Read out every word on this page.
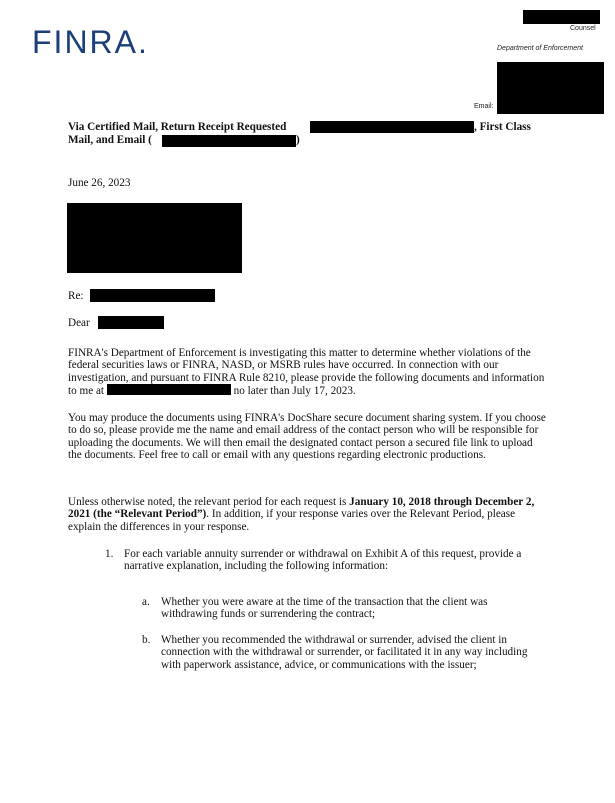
FINRA.	Counsel
Department of Enforcement
Email:
Via Certified Mail, Return Receipt Requested	, First Class
Mail, and Email (	)
June 26, 2023
Re:
Dear

FINRA's Department of Enforcement is investigating this matter to determine whether violations of the federal securities laws or FINRA, NASD, or MSRB rules have occurred. In connection with our investigation, and pursuant to FINRA Rule 8210, please provide the following documents and information to me at	no later than July 17, 2023.

You may produce the documents using FINRA's DocShare secure document sharing system. If you choose to do so, please provide me the name and email address of the contact person who will be responsible for uploading the documents. We will then email the designated contact person a secured file link to upload the documents. Feel free to call or email with any questions regarding electronic productions.

Unless otherwise noted, the relevant period for each request is January 10, 2018 through December 2, 2021 (the “Relevant Period”). In addition, if your response varies over the Relevant Period, please explain the differences in your response.

1. For each variable annuity surrender or withdrawal on Exhibit A of this request, provide a narrative explanation, including the following information:

a. Whether you were aware at the time of the transaction that the client was withdrawing funds or surrendering the contract;

b. Whether you recommended the withdrawal or surrender, advised the client in connection with the withdrawal or surrender, or facilitated it in any way including with paperwork assistance, advice, or communications with the issuer;
